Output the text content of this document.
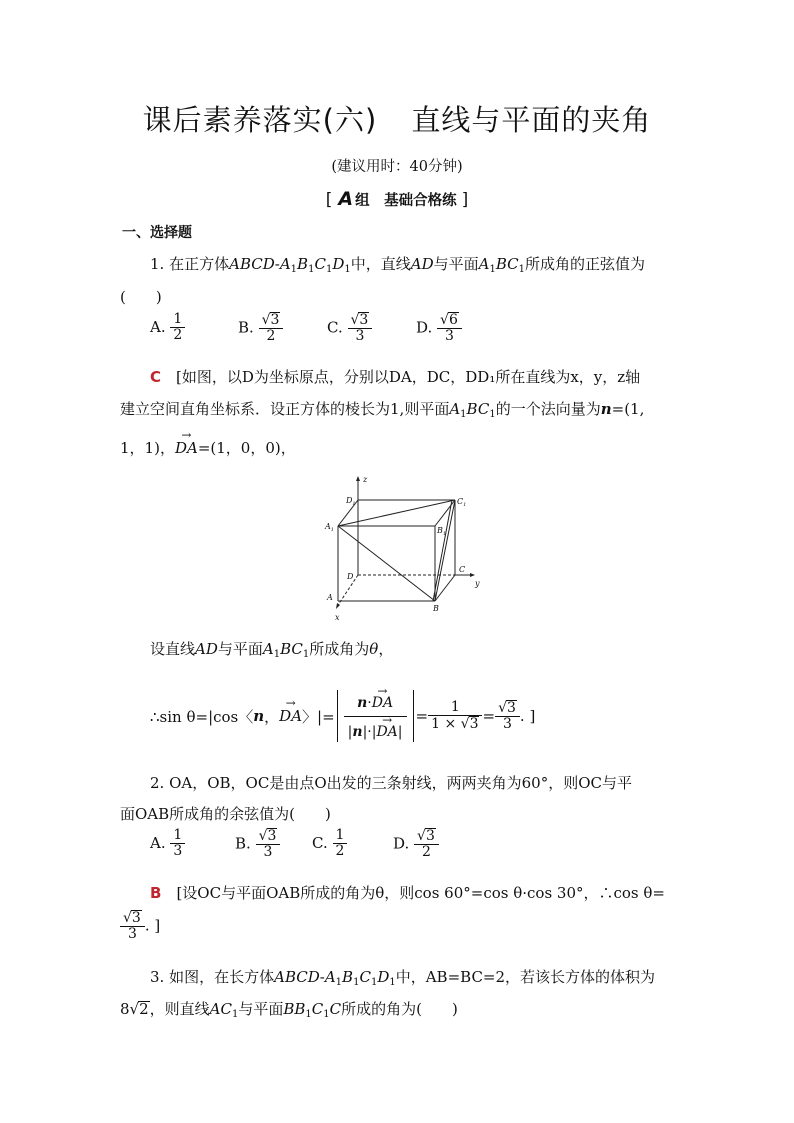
课后素养落实(六) 直线与平面的夹角
(建议用时：40分钟)
[ A 组　基础合格练 ]
一、选择题
1. 在正方体ABCD-$A_1B_1C_1D_1$中，直线AD与平面$A_1BC_1$所成角的正弦值为
(　　)
A. $\frac{1}{2}$	B. $\frac{√3}{2}$	C. $\frac{√3}{3}$	D. $\frac{√6}{3}$
C　 [如图，以D为坐标原点，分别以DA，DC，DD₁所在直线为x，y，z轴
建立空间直角坐标系．设正方体的棱长为1,则平面$A_1BC_1$的一个法向量为n=(1,
1，1)，→ DA=(1，0，0)，
z
y
x
$D_1$	$C_1$
$A_1$	$B_1$
D
C
A
B
设直线AD与平面$A_1BC_1$所成角为θ，
∴sin θ=|cos〈 n ，
→ DA 〉|= $\frac{n\cdot\to DA}{|n|\cdot|\to DA|} = \frac{1}{1 \times √3} = \frac{√3}{3}$ . ]
2. OA，OB，OC是由点O出发的三条射线，两两夹角为60°，则OC与平
面OAB所成角的余弦值为(　　)
A. $\frac{1}{3}$	B. $\frac{√3}{3} C$. $\frac{1}{2}$	D. $\frac{√3}{2}$
B　 [设OC与平面OAB所成的角为θ，则cos 60°=cos θ·cos 30°，∴cos θ=
$\frac{√3}{3}$ . ]
3. 如图，在长方体ABCD-$A_1B_1C_1D_1$中，AB=BC=2，若该长方体的体积为
8√2，则直线$AC_1$与平面$BB_1C_1C$所成的角为(　　)
